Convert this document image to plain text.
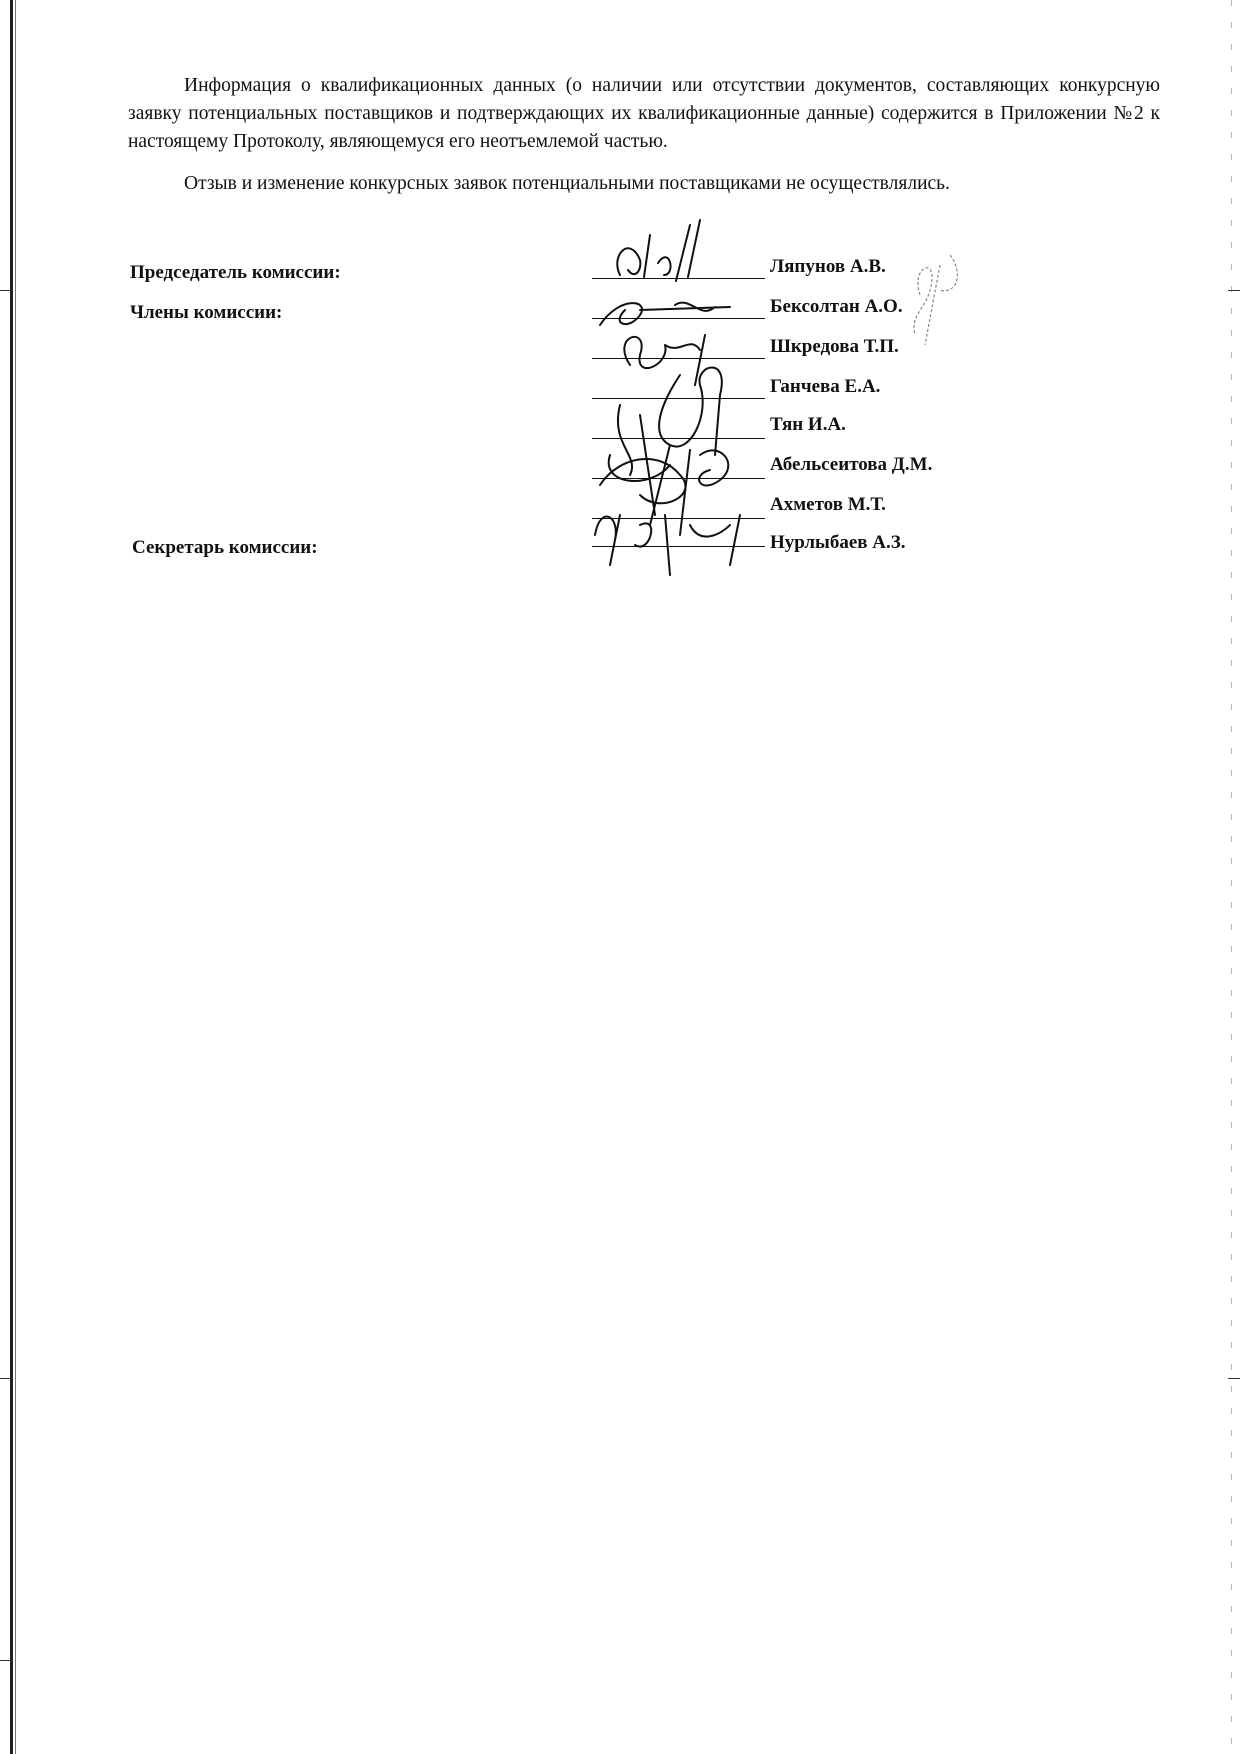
Информация о квалификационных данных (о наличии или отсутствии документов, составляющих конкурсную заявку потенциальных поставщиков и подтверждающих их квалификационные данные) содержится в Приложении №2 к настоящему Протоколу, являющемуся его неотъемлемой частью.

Отзыв и изменение конкурсных заявок потенциальными поставщиками не осуществлялись.

Председатель комиссии:
Члены комиссии:
Секретарь комиссии:
Ляпунов А.В.
Бексолтан А.О.
Шкредова Т.П.
Ганчева Е.А.
Тян И.А.
Абельсеитова Д.М.
Ахметов М.Т.
Нурлыбаев А.З.
